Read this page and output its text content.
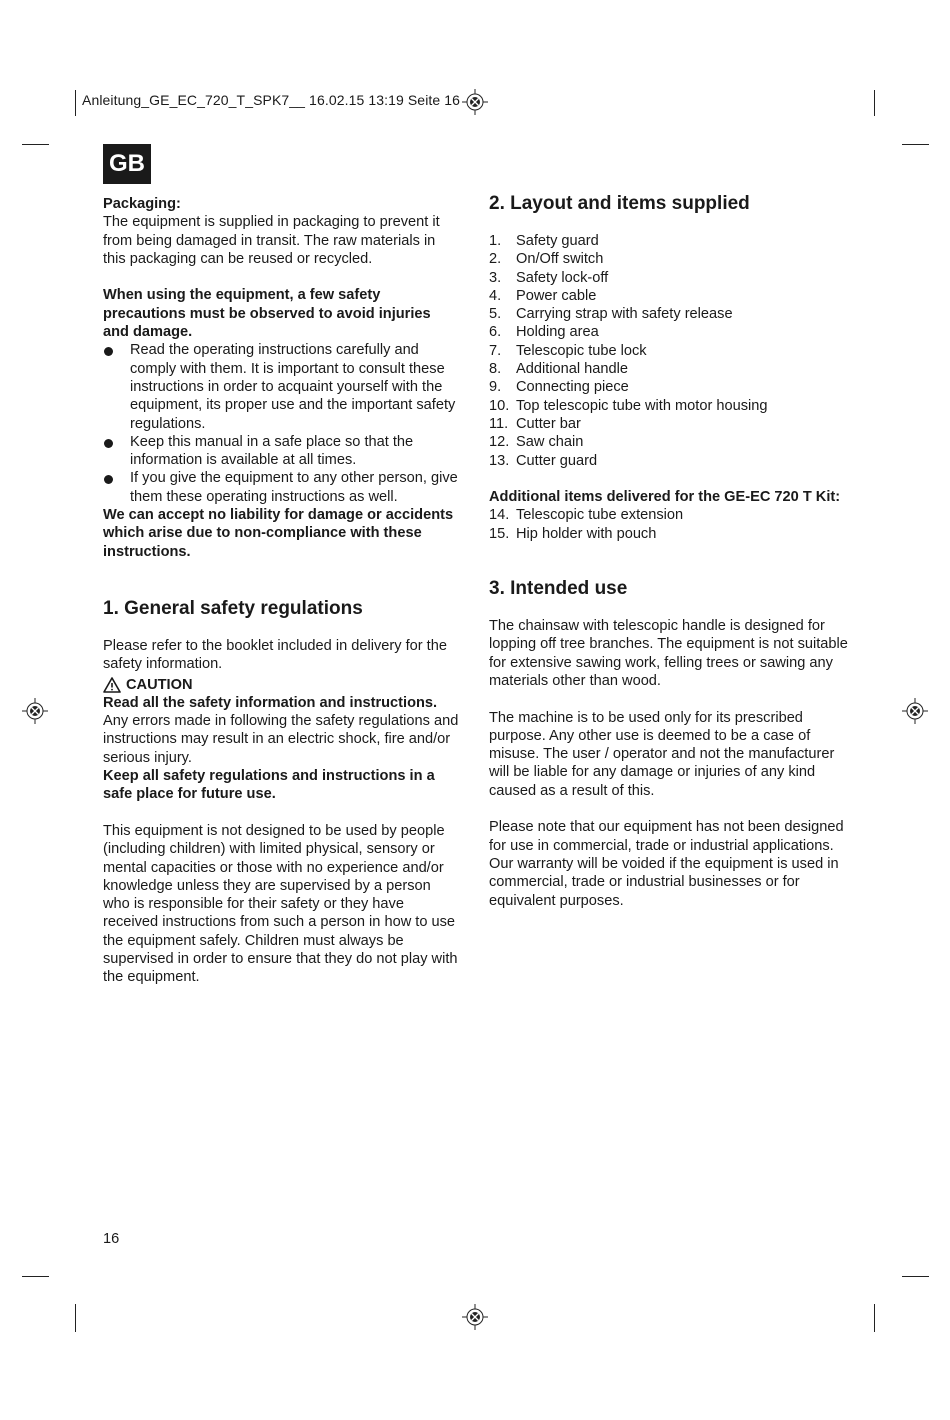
Anleitung_GE_EC_720_T_SPK7__ 16.02.15 13:19 Seite 16
GB

Packaging:

The equipment is supplied in packaging to prevent it from being damaged in transit. The raw materials in this packaging can be reused or recycled.

When using the equipment, a few safety precautions must be observed to avoid injuries and damage.

Read the operating instructions carefully and comply with them. It is important to consult these instructions in order to acquaint yourself with the equipment, its proper use and the important safety regulations.
Keep this manual in a safe place so that the information is available at all times.
If you give the equipment to any other person, give them these operating instructions as well.

We can accept no liability for damage or accidents which arise due to non-compliance with these instructions.

1. General safety regulations

Please refer to the booklet included in delivery for the safety information.

CAUTION

Read all the safety information and instructions.

Any errors made in following the safety regulations and instructions may result in an electric shock, fire and/or serious injury.

Keep all safety regulations and instructions in a safe place for future use.

This equipment is not designed to be used by people (including children) with limited physical, sensory or mental capacities or those with no experience and/or knowledge unless they are supervised by a person who is responsible for their safety or they have received instructions from such a person in how to use the equipment safely. Children must always be supervised in order to ensure that they do not play with the equipment.

2. Layout and items supplied
1.	Safety guard
2.	On/Off switch
3.	Safety lock-off
4.	Power cable
5.	Carrying strap with safety release
6.	Holding area
7.	Telescopic tube lock
8.	Additional handle
9.	Connecting piece
10. Top telescopic tube with motor housing
11. Cutter bar
12. Saw chain
13. Cutter guard

Additional items delivered for the GE-EC 720 T Kit:

14. Telescopic tube extension
15. Hip holder with pouch
3. Intended use

The chainsaw with telescopic handle is designed for lopping off tree branches. The equipment is not suitable for extensive sawing work, felling trees or sawing any materials other than wood.

The machine is to be used only for its prescribed purpose. Any other use is deemed to be a case of misuse. The user / operator and not the manufacturer will be liable for any damage or injuries of any kind caused as a result of this.

Please note that our equipment has not been designed for use in commercial, trade or industrial applications. Our warranty will be voided if the equipment is used in commercial, trade or industrial businesses or for equivalent purposes.

16
